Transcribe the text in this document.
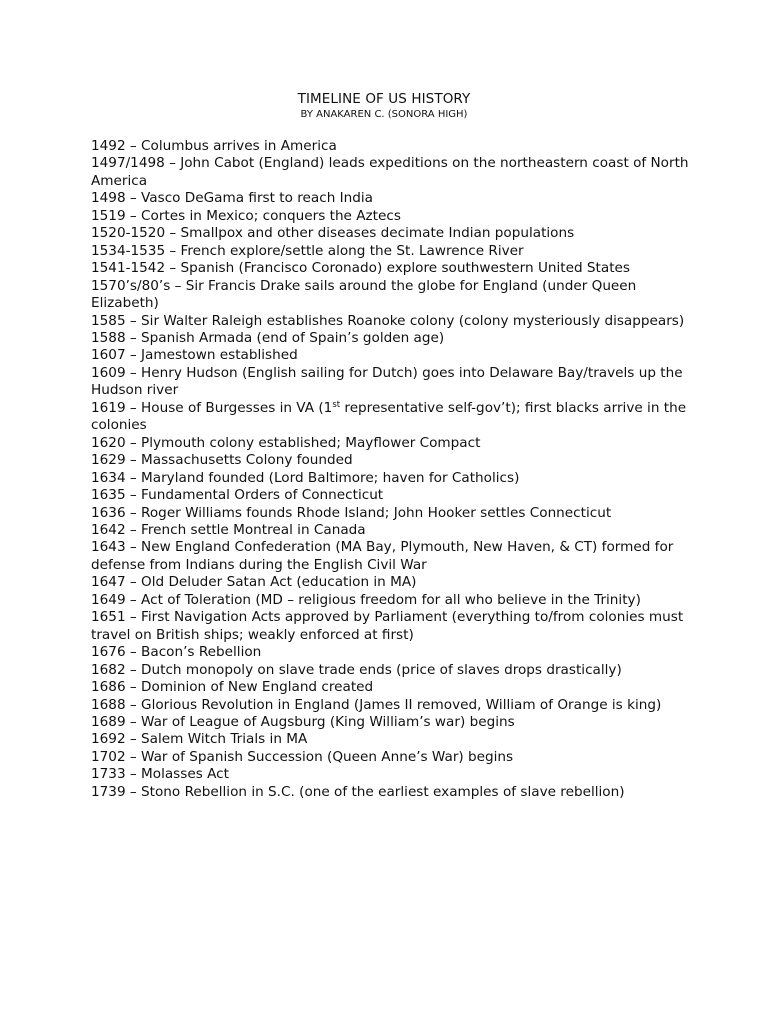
TIMELINE OF US HISTORY
BY ANAKAREN C. (SONORA HIGH)
1492 – Columbus arrives in America
1497/1498 – John Cabot (England) leads expeditions on the northeastern coast of North America
1498 – Vasco DeGama first to reach India
1519 – Cortes in Mexico; conquers the Aztecs
1520-1520 – Smallpox and other diseases decimate Indian populations
1534-1535 – French explore/settle along the St. Lawrence River
1541-1542 – Spanish (Francisco Coronado) explore southwestern United States
1570’s/80’s – Sir Francis Drake sails around the globe for England (under Queen Elizabeth)
1585 – Sir Walter Raleigh establishes Roanoke colony (colony mysteriously disappears)
1588 – Spanish Armada (end of Spain’s golden age)
1607 – Jamestown established
1609 – Henry Hudson (English sailing for Dutch) goes into Delaware Bay/travels up the Hudson river
1619 – House of Burgesses in VA (1st representative self-gov’t); first blacks arrive in the colonies
1620 – Plymouth colony established; Mayflower Compact
1629 – Massachusetts Colony founded
1634 – Maryland founded (Lord Baltimore; haven for Catholics)
1635 – Fundamental Orders of Connecticut
1636 – Roger Williams founds Rhode Island; John Hooker settles Connecticut
1642 – French settle Montreal in Canada
1643 – New England Confederation (MA Bay, Plymouth, New Haven, & CT) formed for defense from Indians during the English Civil War
1647 – Old Deluder Satan Act (education in MA)
1649 – Act of Toleration (MD – religious freedom for all who believe in the Trinity)
1651 – First Navigation Acts approved by Parliament (everything to/from colonies must travel on British ships; weakly enforced at first)
1676 – Bacon’s Rebellion
1682 – Dutch monopoly on slave trade ends (price of slaves drops drastically)
1686 – Dominion of New England created
1688 – Glorious Revolution in England (James II removed, William of Orange is king)
1689 – War of League of Augsburg (King William’s war) begins
1692 – Salem Witch Trials in MA
1702 – War of Spanish Succession (Queen Anne’s War) begins
1733 – Molasses Act
1739 – Stono Rebellion in S.C. (one of the earliest examples of slave rebellion)
